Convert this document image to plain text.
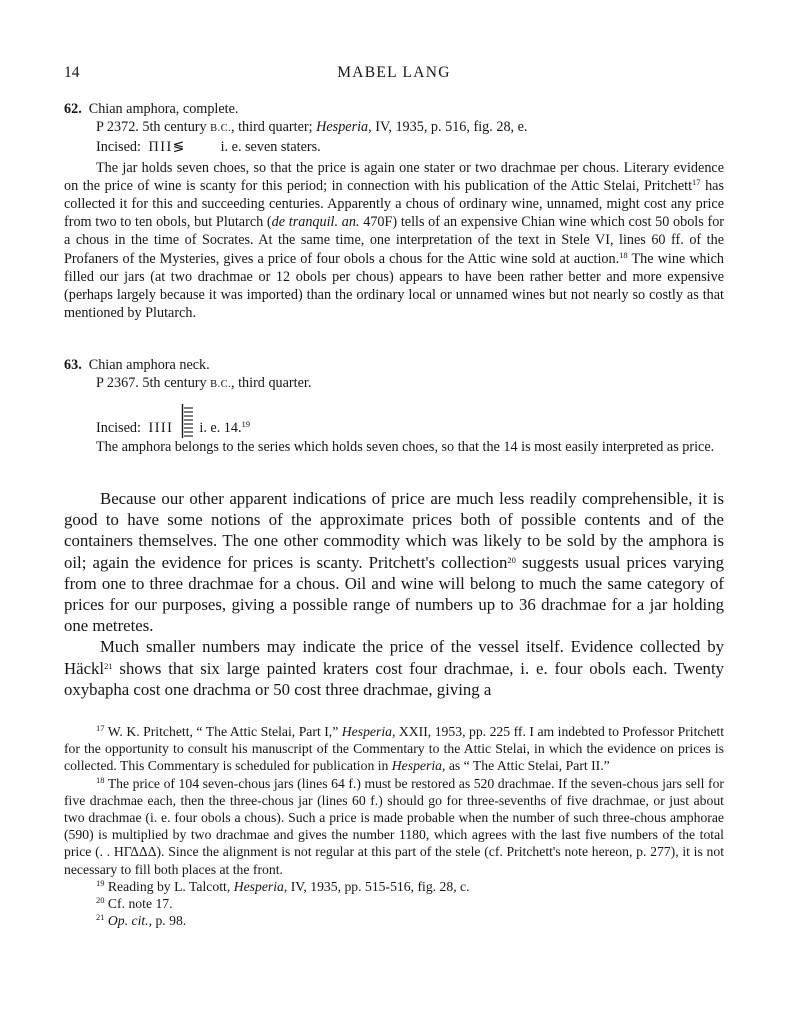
14	MABEL LANG
62. Chian amphora, complete.
P 2372. 5th century B.C., third quarter; Hesperia, IV, 1935, p. 516, fig. 28, e.
Incised: ΠΙΙ≶ i. e. seven staters.
The jar holds seven choes, so that the price is again one stater or two drachmae per chous. Literary evidence on the price of wine is scanty for this period; in connection with his publication of the Attic Stelai, Pritchett$^{17}$ has collected it for this and succeeding centuries. Apparently a chous of ordinary wine, unnamed, might cost any price from two to ten obols, but Plutarch (de tranquil. an. 470F) tells of an expensive Chian wine which cost 50 obols for a chous in the time of Socrates. At the same time, one interpretation of the text in Stele VI, lines 60 ff. of the Profaners of the Mysteries, gives a price of four obols a chous for the Attic wine sold at auction.$^{18}$ The wine which filled our jars (at two drachmae or 12 obols per chous) appears to have been rather better and more expensive (perhaps largely because it was imported) than the ordinary local or unnamed wines but not nearly so costly as that mentioned by Plutarch.
63. Chian amphora neck.
P 2367. 5th century B.C., third quarter.
Incised: ΙΙΙΙ i. e. 14.19
The amphora belongs to the series which holds seven choes, so that the 14 is most easily interpreted as price.

Because our other apparent indications of price are much less readily comprehensible, it is good to have some notions of the approximate prices both of possible contents and of the containers themselves. The one other commodity which was likely to be sold by the amphora is oil; again the evidence for prices is scanty. Pritchett's collection$^{20}$ suggests usual prices varying from one to three drachmae for a chous. Oil and wine will belong to much the same category of prices for our purposes, giving a possible range of numbers up to 36 drachmae for a jar holding one metretes.

Much smaller numbers may indicate the price of the vessel itself. Evidence collected by Häckl$^{21}$ shows that six large painted kraters cost four drachmae, i. e. four obols each. Twenty oxybapha cost one drachma or 50 cost three drachmae, giving a

$^{17}$ W. K. Pritchett, “ The Attic Stelai, Part I,” Hesperia, XXII, 1953, pp. 225 ff. I am indebted to Professor Pritchett for the opportunity to consult his manuscript of the Commentary to the Attic Stelai, in which the evidence on prices is collected. This Commentary is scheduled for publication in Hesperia, as “ The Attic Stelai, Part II.”

$^{18}$ The price of 104 seven-chous jars (lines 64 f.) must be restored as 520 drachmae. If the seven-chous jars sell for five drachmae each, then the three-chous jar (lines 60 f.) should go for three-sevenths of five drachmae, or just about two drachmae (i. e. four obols a chous). Such a price is made probable when the number of such three-chous amphorae (590) is multiplied by two drachmae and gives the number 1180, which agrees with the last five numbers of the total price (. . HΓΔΔΔ). Since the alignment is not regular at this part of the stele (cf. Pritchett's note hereon, p. 277), it is not necessary to fill both places at the front.

$^{19}$ Reading by L. Talcott, Hesperia, IV, 1935, pp. 515-516, fig. 28, c.

$^{20}$ Cf. note 17.

$^{21}$ Op. cit., p. 98.
